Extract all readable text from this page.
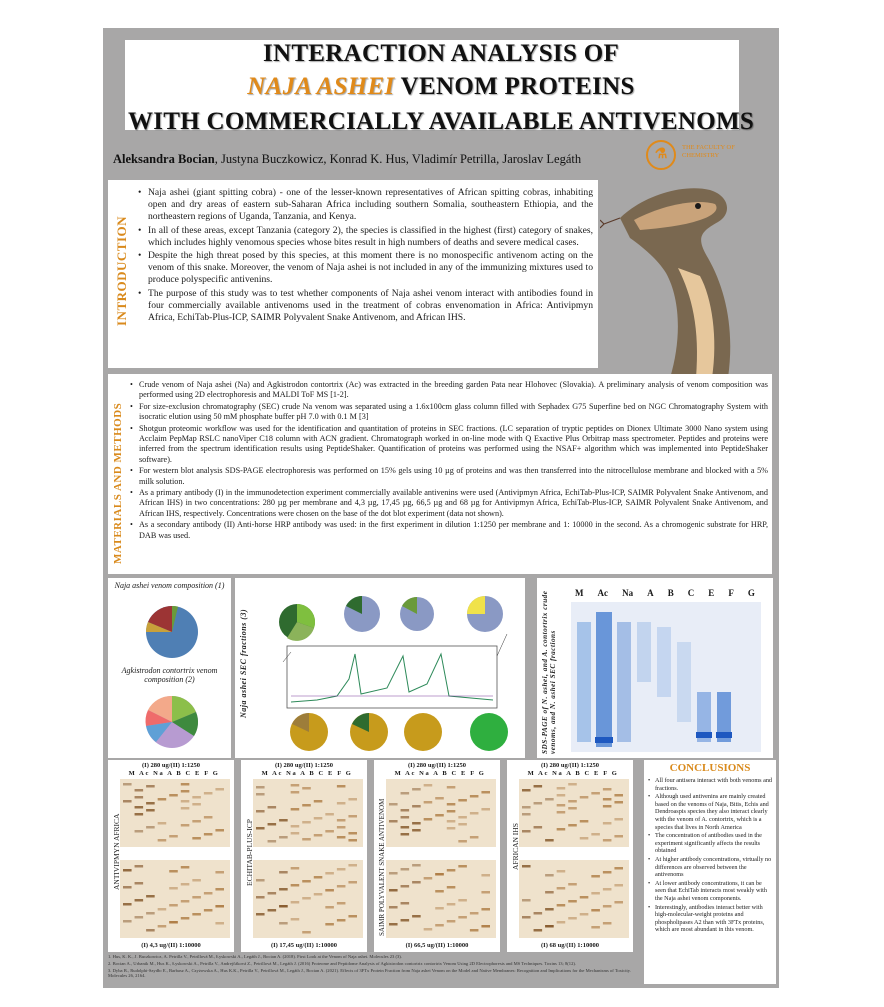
INTERACTION ANALYSIS OF
NAJA ASHEI VENOM PROTEINS
WITH COMMERCIALLY AVAILABLE ANTIVENOMS
Aleksandra Bocian, Justyna Buczkowicz, Konrad K. Hus, Vladimír Petrilla, Jaroslav Legáth	⚗	THE FACULTY OF CHEMISTRY
INTRODUCTION
• Naja ashei (giant spitting cobra) - one of the lesser-known representatives of African spitting cobras, inhabiting open and dry areas of eastern sub-Saharan Africa including southern Somalia, southeastern Ethiopia, and the northeastern regions of Uganda, Tanzania, and Kenya.
• In all of these areas, except Tanzania (category 2), the species is classified in the highest (first) category of snakes, which includes highly venomous species whose bites result in high numbers of deaths and severe medical cases.
• Despite the high threat posed by this species, at this moment there is no monospecific antivenom acting on the venom of this snake. Moreover, the venom of Naja ashei is not included in any of the immunizing mixtures used to produce polyspecific antivenins.
• The purpose of this study was to test whether components of Naja ashei venom interact with antibodies found in four commercially available antivenoms used in the treatment of cobras envenomation in Africa: Antivipmyn Africa, EchiTab-Plus-ICP, SAIMR Polyvalent Snake Antivenom, and African IHS.
MATERIALS AND METHODS
• Crude venom of Naja ashei (Na) and Agkistrodon contortrix (Ac) was extracted in the breeding garden Pata near Hlohovec (Slovakia). A preliminary analysis of venom composition was performed using 2D electrophoresis and MALDI ToF MS [1-2].
• For size-exclusion chromatography (SEC) crude Na venom was separated using a 1.6x100cm glass column filled with Sephadex G75 Superfine bed on NGC Chromatography System with isocratic elution using 50 mM phosphate buffer pH 7.0 with 0.1 M [3]
• Shotgun proteomic workflow was used for the identification and quantitation of proteins in SEC fractions. (LC separation of tryptic peptides on Dionex Ultimate 3000 Nano system using Acclaim PepMap RSLC nanoViper C18 column with ACN gradient. Chromatograph worked in on-line mode with Q Exactive Plus Orbitrap mass spectrometer. Peptides and proteins were inferred from the spectrum identification results using PeptideShaker. Quantification of proteins was performed using the NSAF+ algorithm which was implemented into PeptideShaker software).
• For western blot analysis SDS-PAGE electrophoresis was performed on 15% gels using 10 µg of proteins and was then transferred into the nitrocellulose membrane and blocked with a 5% milk solution.
• As a primary antibody (I) in the immunodetection experiment commercially available antivenins were used (Antivipmyn Africa, EchiTab-Plus-ICP, SAIMR Polyvalent Snake Antivenom, and African IHS) in two concentrations: 280 µg per membrane and 4,3 µg, 17,45 µg, 66,5 µg and 68 µg for Antivipmyn Africa, EchiTab-Plus-ICP, SAIMR Polyvalent Snake Antivenom, and African IHS, respectively. Concentrations were chosen on the base of the dot blot experiment (data not shown).
• As a secondary antibody (II) Anti-horse HRP antibody was used: in the first experiment in dilution 1:1250 per membrane and 1: 10000 in the second. As a chromogenic substrate for HRP, DAB was used.
Naja ashei venom composition (1)
Agkistrodon contortrix venom composition (2)	Naja ashei SEC fractions (3)	SDS-PAGE of N. ashei, and A. contortrix crude venoms, and N. ashei SEC fractions
M Ac Na A B C E F G
(I) 280 ug/(II) 1:1250
M Ac Na A B C E F G
(I) 4,3 ug/(II) 1:10000
ANTIVIPMYN AFRICA
(I) 280 ug/(II) 1:1250
M Ac Na A B C E F G
(I) 17,45 ug/(II) 1:10000
ECHITAB-PLUS-ICP
(I) 280 ug/(II) 1:1250
M Ac Na A B C E F G
(I) 66,5 ug/(II) 1:10000
SAIMR POLYVALENT SNAKE ANTIVENOM
(I) 280 ug/(II) 1:1250
M Ac Na A B C E F G
(I) 68 ug/(II) 1:10000
AFRICAN IHS
CONCLUSIONS
• All four antisera interact with both venoms and fractions.
• Although used antivenins are mainly created based on the venoms of Naja, Bitis, Echis and Dendroaspis species they also interact clearly with the venom of A. contortrix, which is a species that lives in North America
• The concentration of antibodies used in the experiment significantly affects the results obtained
• At higher antibody concentrations, virtually no differences are observed between the antivenoms
• At lower antibody concentrations, it can be seen that EchiTab interacts most weakly with the Naja ashei venom components.
• Interestingly, antibodies interact better with high-molecular-weight proteins and phospholipases A2 than with 3FTx proteins, which are most abundant in this venom.
1. Hus, K. K., J. Buczkowicz, A. Petrilla V., Petrillová M., Łyskowski A., Legáth J., Bocian A. (2018). First Look at the Venom of Naja ashei. Molecules 23 (3).
2. Bocian A., Urbanik M., Hus K., Łyskowski A., Petrilla V., Andrejčáková Z., Petrillová M., Legáth J. (2016) Proteome and Peptidome Analysis of Agkistrodon contortrix contortrix Venom Using 2D Electrophoresis and MS Techniques. Toxins 13; 8(12).
3. Dyba B., Rudolphi-Szydło E., Barbasz A., Czyżowska A., Hus K.K., Petrilla V., Petrillová M., Legáth J., Bocian A. (2021). Effects of 3FTx Protein Fraction from Naja ashei Venom on the Model and Native Membranes: Recognition and Implications for the Mechanisms of Toxicity. Molecules 26, 2164.
